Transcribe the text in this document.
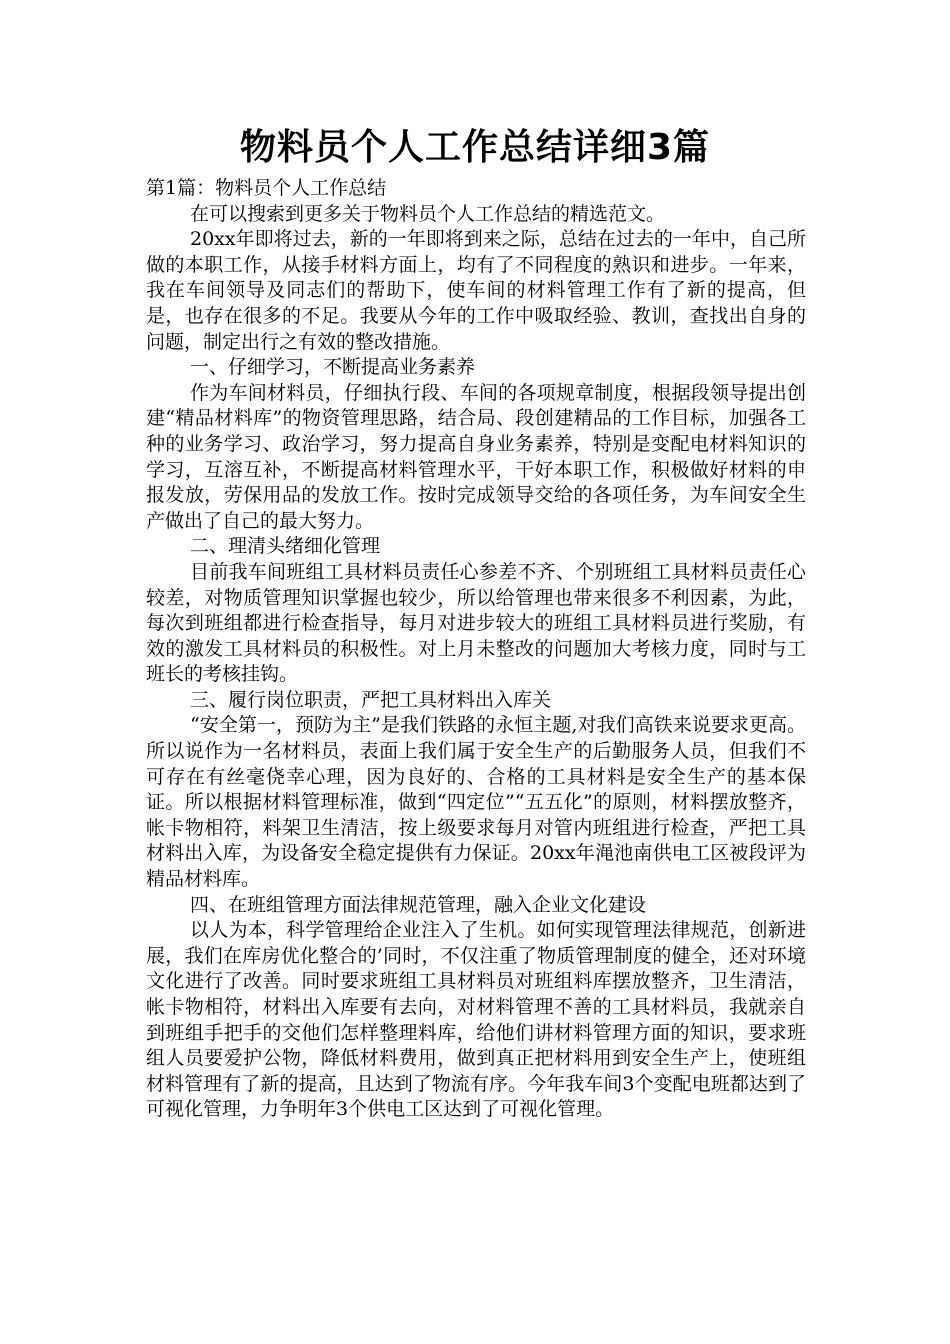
物料员个人工作总结详细3篇

第1篇：物料员个人工作总结

在可以搜索到更多关于物料员个人工作总结的精选范文。

20xx年即将过去，新的一年即将到来之际，总结在过去的一年中，自己所做的本职工作，从接手材料方面上，均有了不同程度的熟识和进步。一年来，我在车间领导及同志们的帮助下，使车间的材料管理工作有了新的提高，但是，也存在很多的不足。我要从今年的工作中吸取经验、教训，查找出自身的问题，制定出行之有效的整改措施。

一、仔细学习，不断提高业务素养

作为车间材料员，仔细执行段、车间的各项规章制度，根据段领导提出创建“精品材料库”的物资管理思路，结合局、段创建精品的工作目标，加强各工种的业务学习、政治学习，努力提高自身业务素养，特别是变配电材料知识的学习，互溶互补，不断提高材料管理水平，干好本职工作，积极做好材料的申报发放，劳保用品的发放工作。按时完成领导交给的各项任务，为车间安全生产做出了自己的最大努力。

二、理清头绪细化管理

目前我车间班组工具材料员责任心参差不齐、个别班组工具材料员责任心较差，对物质管理知识掌握也较少，所以给管理也带来很多不利因素，为此，每次到班组都进行检查指导，每月对进步较大的班组工具材料员进行奖励，有效的激发工具材料员的积极性。对上月未整改的问题加大考核力度，同时与工班长的考核挂钩。

三、履行岗位职责，严把工具材料出入库关

“安全第一，预防为主”是我们铁路的永恒主题,对我们高铁来说要求更高。所以说作为一名材料员，表面上我们属于安全生产的后勤服务人员，但我们不可存在有丝毫侥幸心理，因为良好的、合格的工具材料是安全生产的基本保证。所以根据材料管理标准，做到“四定位”“五五化”的原则，材料摆放整齐，帐卡物相符，料架卫生清洁，按上级要求每月对管内班组进行检查，严把工具材料出入库，为设备安全稳定提供有力保证。20xx年渑池南供电工区被段评为精品材料库。

四、在班组管理方面法律规范管理，融入企业文化建设

以人为本，科学管理给企业注入了生机。如何实现管理法律规范，创新进展，我们在库房优化整合的’同时，不仅注重了物质管理制度的健全，还对环境文化进行了改善。同时要求班组工具材料员对班组料库摆放整齐，卫生清洁，帐卡物相符，材料出入库要有去向，对材料管理不善的工具材料员，我就亲自到班组手把手的交他们怎样整理料库，给他们讲材料管理方面的知识，要求班组人员要爱护公物，降低材料费用，做到真正把材料用到安全生产上，使班组材料管理有了新的提高，且达到了物流有序。今年我车间3个变配电班都达到了可视化管理，力争明年3个供电工区达到了可视化管理。
